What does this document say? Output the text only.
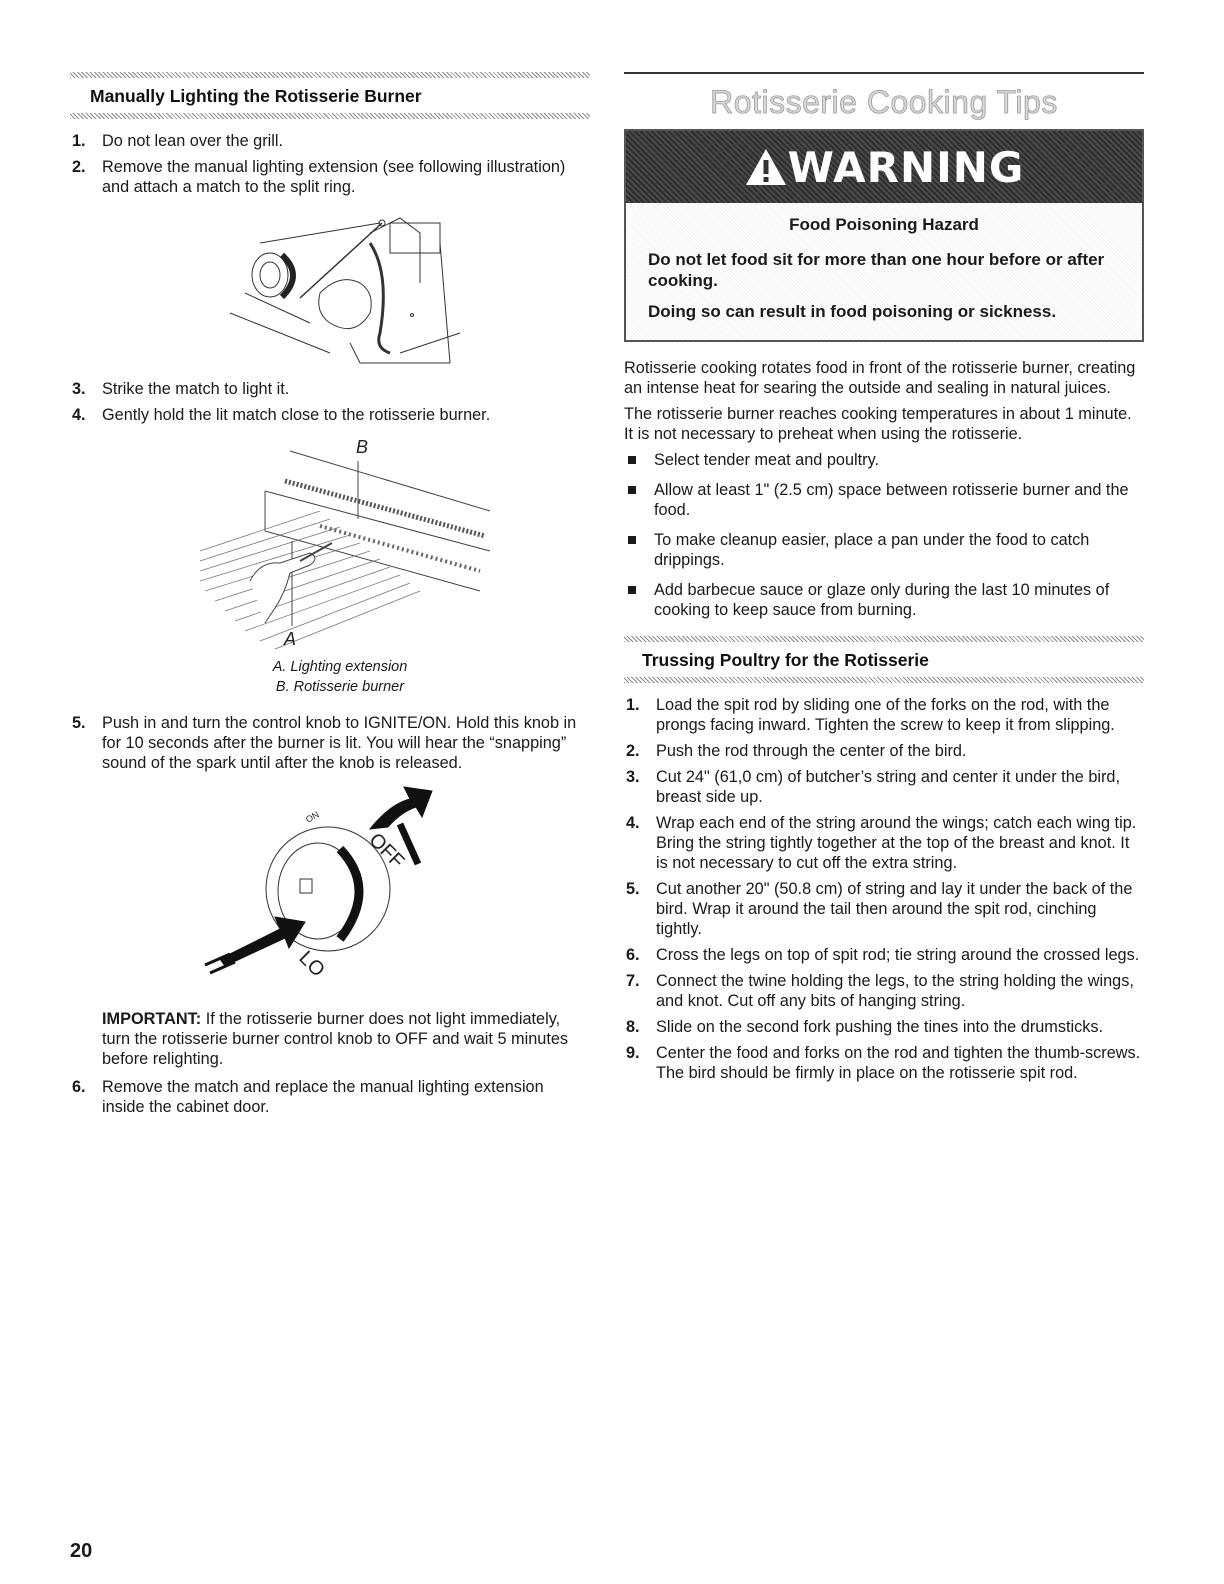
Manually Lighting the Rotisserie Burner
1. Do not lean over the grill.
2. Remove the manual lighting extension (see following illustration) and attach a match to the split ring.
3. Strike the match to light it.
4. Gently hold the lit match close to the rotisserie burner.
B
A
A. Lighting extension
B. Rotisserie burner
5. Push in and turn the control knob to IGNITE/ON. Hold this knob in for 10 seconds after the burner is lit. You will hear the “snapping” sound of the spark until after the knob is released.
OFF
LO
ON
IMPORTANT: If the rotisserie burner does not light immediately, turn the rotisserie burner control knob to OFF and wait 5 minutes before relighting.
6. Remove the match and replace the manual lighting extension inside the cabinet door.
Rotisserie Cooking Tips
WARNING
Food Poisoning Hazard
Do not let food sit for more than one hour before or after cooking.
Doing so can result in food poisoning or sickness.

Rotisserie cooking rotates food in front of the rotisserie burner, creating an intense heat for searing the outside and sealing in natural juices.

The rotisserie burner reaches cooking temperatures in about 1 minute. It is not necessary to preheat when using the rotisserie.

Select tender meat and poultry.
Allow at least 1" (2.5 cm) space between rotisserie burner and the food.
To make cleanup easier, place a pan under the food to catch drippings.
Add barbecue sauce or glaze only during the last 10 minutes of cooking to keep sauce from burning.
Trussing Poultry for the Rotisserie
1. Load the spit rod by sliding one of the forks on the rod, with the prongs facing inward. Tighten the screw to keep it from slipping.
2. Push the rod through the center of the bird.
3. Cut 24" (61,0 cm) of butcher’s string and center it under the bird, breast side up.
4. Wrap each end of the string around the wings; catch each wing tip. Bring the string tightly together at the top of the breast and knot. It is not necessary to cut off the extra string.
5. Cut another 20" (50.8 cm) of string and lay it under the back of the bird. Wrap it around the tail then around the spit rod, cinching tightly.
6. Cross the legs on top of spit rod; tie string around the crossed legs.
7. Connect the twine holding the legs, to the string holding the wings, and knot. Cut off any bits of hanging string.
8. Slide on the second fork pushing the tines into the drumsticks.
9. Center the food and forks on the rod and tighten the thumb-screws. The bird should be firmly in place on the rotisserie spit rod.
20
